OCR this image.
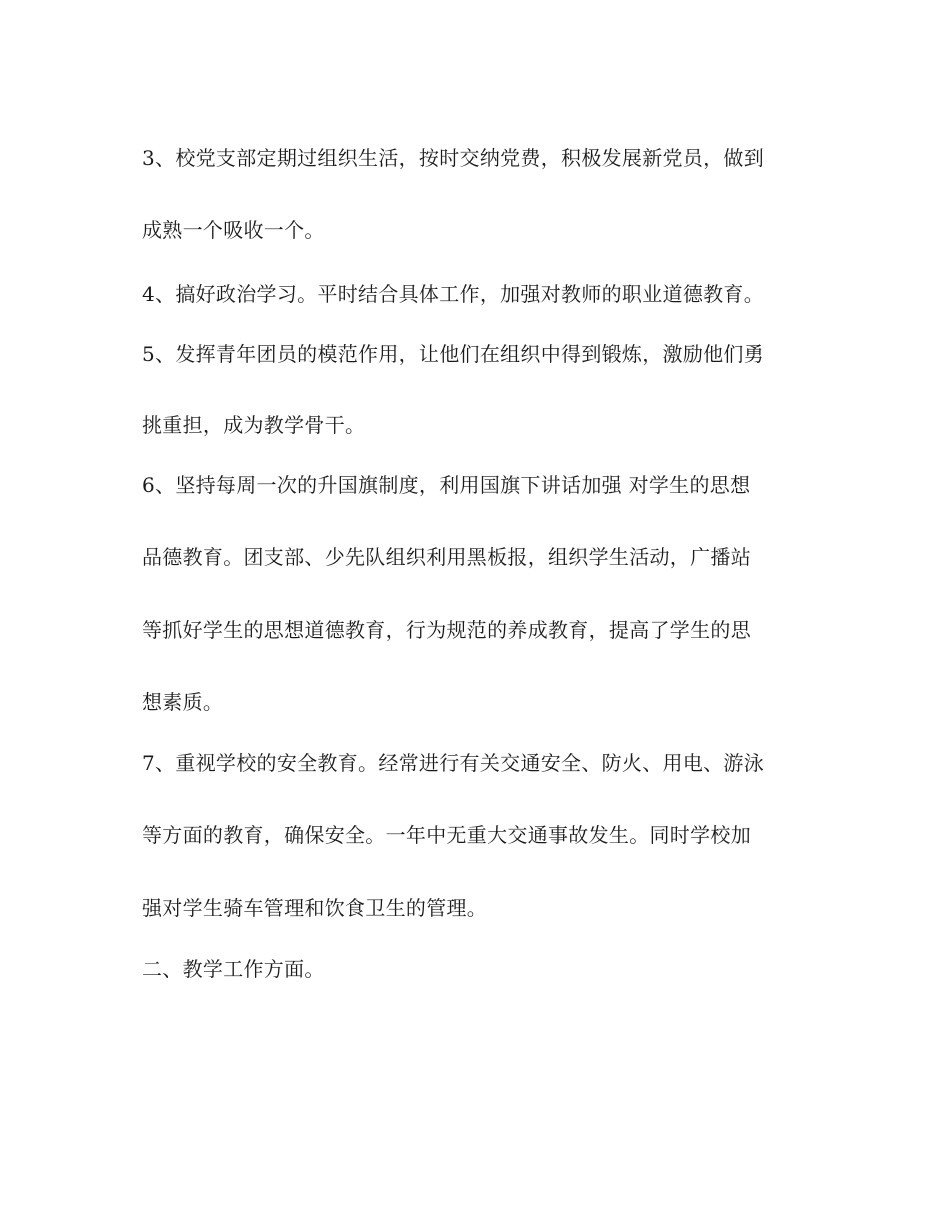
3、校党支部定期过组织生活，按时交纳党费，积极发展新党员，做到
成熟一个吸收一个。
4、搞好政治学习。平时结合具体工作，加强对教师的职业道德教育。
5、发挥青年团员的模范作用，让他们在组织中得到锻炼，激励他们勇
挑重担，成为教学骨干。
6、坚持每周一次的升国旗制度，利用国旗下讲话加强 对学生的思想
品德教育。团支部、少先队组织利用黑板报，组织学生活动，广播站
等抓好学生的思想道德教育，行为规范的养成教育，提高了学生的思
想素质。
7、重视学校的安全教育。经常进行有关交通安全、防火、用电、游泳
等方面的教育，确保安全。一年中无重大交通事故发生。同时学校加
强对学生骑车管理和饮食卫生的管理。
二、教学工作方面。
